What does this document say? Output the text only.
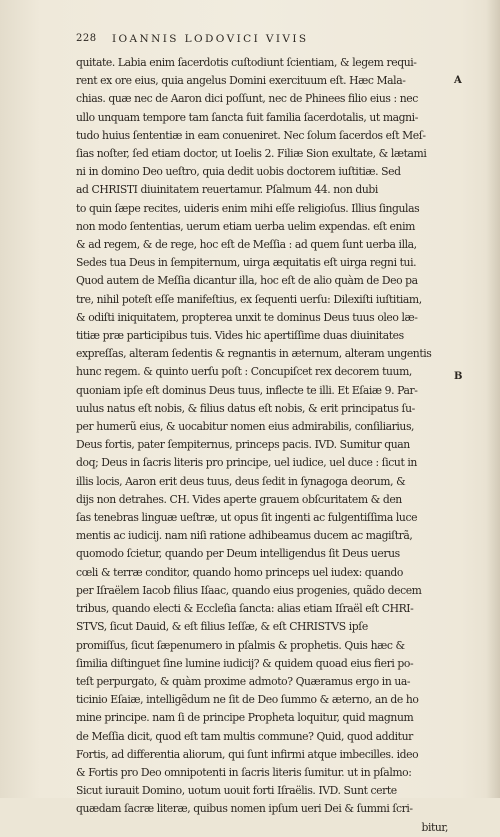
228 IOANNIS LODOVICI VIVIS
A
B
quitate. Labia enim ſacerdotis cuſtodiunt ſcientiam, & legem requi-
rent ex ore eius, quia angelus Domini exercituum eſt. Hæc Mala-
chias. quæ nec de Aaron dici poſſunt, nec de Phinees filio eius : nec
ullo unquam tempore tam ſancta fuit familia ſacerdotalis, ut magni-
tudo huius ſententiæ in eam conueniret. Nec ſolum ſacerdos eſt Meſ-
ſias noſter, ſed etiam doctor, ut Ioelis 2. Filiæ Sion exultate, & lætami
ni in domino Deo ueſtro, quia dedit uobis doctorem iuſtitiæ. Sed
ad CHRISTI diuinitatem reuertamur. Pſalmum 44. non dubi
to quin ſæpe recites, uideris enim mihi eſſe religioſus. Illius ſingulas
non modo ſententias, uerum etiam uerba uelim expendas. eſt enim
& ad regem, & de rege, hoc eſt de Meſſia : ad quem ſunt uerba illa,
Sedes tua Deus in ſempiternum, uirga æquitatis eſt uirga regni tui.
Quod autem de Meſſia dicantur illa, hoc eſt de alio quàm de Deo pa
tre, nihil poteſt eſſe manifeſtius, ex ſequenti uerſu: Dilexiſti iuſtitiam,
& odiſti iniquitatem, propterea unxit te dominus Deus tuus oleo læ-
titiæ præ participibus tuis. Vides hic apertiſſime duas diuinitates
expreſſas, alteram ſedentis & regnantis in æternum, alteram ungentis
hunc regem. & quinto uerſu poſt : Concupiſcet rex decorem tuum,
quoniam ipſe eſt dominus Deus tuus, inflecte te illi. Et Eſaiæ 9. Par-
uulus natus eſt nobis, & filius datus eſt nobis, & erit principatus ſu-
per humerũ eius, & uocabitur nomen eius admirabilis, conſiliarius,
Deus fortis, pater ſempiternus, princeps pacis. IVD. Sumitur quan
doq; Deus in ſacris literis pro principe, uel iudice, uel duce : ſicut in
illis locis, Aaron erit deus tuus, deus ſedit in ſynagoga deorum, &
dijs non detrahes. CH. Vides aperte grauem obſcuritatem & den
ſas tenebras linguæ ueſtræ, ut opus ſit ingenti ac fulgentiſſima luce
mentis ac iudicij. nam niſi ratione adhibeamus ducem ac magiſtrã,
quomodo ſcietur, quando per Deum intelligendus ſit Deus uerus
cœli & terræ conditor, quando homo princeps uel iudex: quando
per Iſraëlem Iacob filius Iſaac, quando eius progenies, quãdo decem
tribus, quando electi & Eccleſia ſancta: alias etiam Iſraël eſt CHRI-
STVS, ſicut Dauid, & eſt filius Ieſſæ, & eſt CHRISTVS ipſe
promiſſus, ſicut ſæpenumero in pſalmis & prophetis. Quis hæc &
ſimilia diſtinguet ſine lumine iudicij? & quidem quoad eius fieri po-
teſt perpurgato, & quàm proxime admoto? Quæramus ergo in ua-
ticinio Eſaiæ, intelligẽdum ne ſit de Deo ſummo & æterno, an de ho
mine principe. nam ſi de principe Propheta loquitur, quid magnum
de Meſſia dicit, quod eſt tam multis commune? Quid, quod additur
Fortis, ad differentia aliorum, qui ſunt infirmi atque imbecilles. ideo
& Fortis pro Deo omnipotenti in ſacris literis ſumitur. ut in pſalmo:
Sicut iurauit Domino, uotum uouit forti Iſraëlis. IVD. Sunt certe
quædam ſacræ literæ, quibus nomen ipſum ueri Dei & ſummi ſcri-
bitur,
